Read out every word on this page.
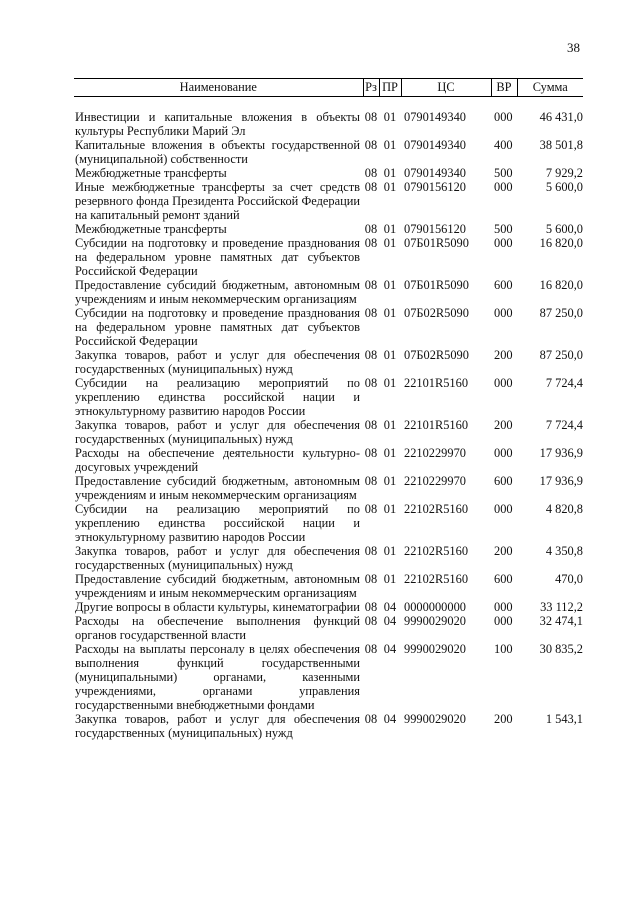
38
Наименование	Рз	ПР	ЦС	ВР	Сумма
Инвестиции и капитальные вложения в объекты культуры Республики Марий Эл	08	01	0790149340	000	46 431,0
Капитальные вложения в объекты государственной (муниципальной) собственности	08	01	0790149340	400	38 501,8
Межбюджетные трансферты	08	01	0790149340	500	7 929,2
Иные межбюджетные трансферты за счет средств резервного фонда Президента Российской Федерации на капитальный ремонт зданий	08	01	0790156120	000	5 600,0
Межбюджетные трансферты	08	01	0790156120	500	5 600,0
Субсидии на подготовку и проведение празднования на федеральном уровне памятных дат субъектов Российской Федерации	08	01	07Б01R5090	000	16 820,0
Предоставление субсидий бюджетным, автономным учреждениям и иным некоммерческим организациям	08	01	07Б01R5090	600	16 820,0
Субсидии на подготовку и проведение празднования на федеральном уровне памятных дат субъектов Российской Федерации	08	01	07Б02R5090	000	87 250,0
Закупка товаров, работ и услуг для обеспечения государственных (муниципальных) нужд	08	01	07Б02R5090	200	87 250,0
Субсидии на реализацию мероприятий по укреплению единства российской нации и этнокультурному развитию народов России	08	01	22101R5160	000	7 724,4
Закупка товаров, работ и услуг для обеспечения государственных (муниципальных) нужд	08	01	22101R5160	200	7 724,4
Расходы на обеспечение деятельности культурно-досуговых учреждений	08	01	2210229970	000	17 936,9
Предоставление субсидий бюджетным, автономным учреждениям и иным некоммерческим организациям	08	01	2210229970	600	17 936,9
Субсидии на реализацию мероприятий по укреплению единства российской нации и этнокультурному развитию народов России	08	01	22102R5160	000	4 820,8
Закупка товаров, работ и услуг для обеспечения государственных (муниципальных) нужд	08	01	22102R5160	200	4 350,8
Предоставление субсидий бюджетным, автономным учреждениям и иным некоммерческим организациям	08	01	22102R5160	600	470,0
Другие вопросы в области культуры, кинематографии	08	04	0000000000	000	33 112,2
Расходы на обеспечение выполнения функций органов государственной власти	08	04	9990029020	000	32 474,1
Расходы на выплаты персоналу в целях обеспечения выполнения функций государственными (муниципальными) органами, казенными учреждениями, органами управления государственными внебюджетными фондами	08	04	9990029020	100	30 835,2
Закупка товаров, работ и услуг для обеспечения государственных (муниципальных) нужд	08	04	9990029020	200	1 543,1
